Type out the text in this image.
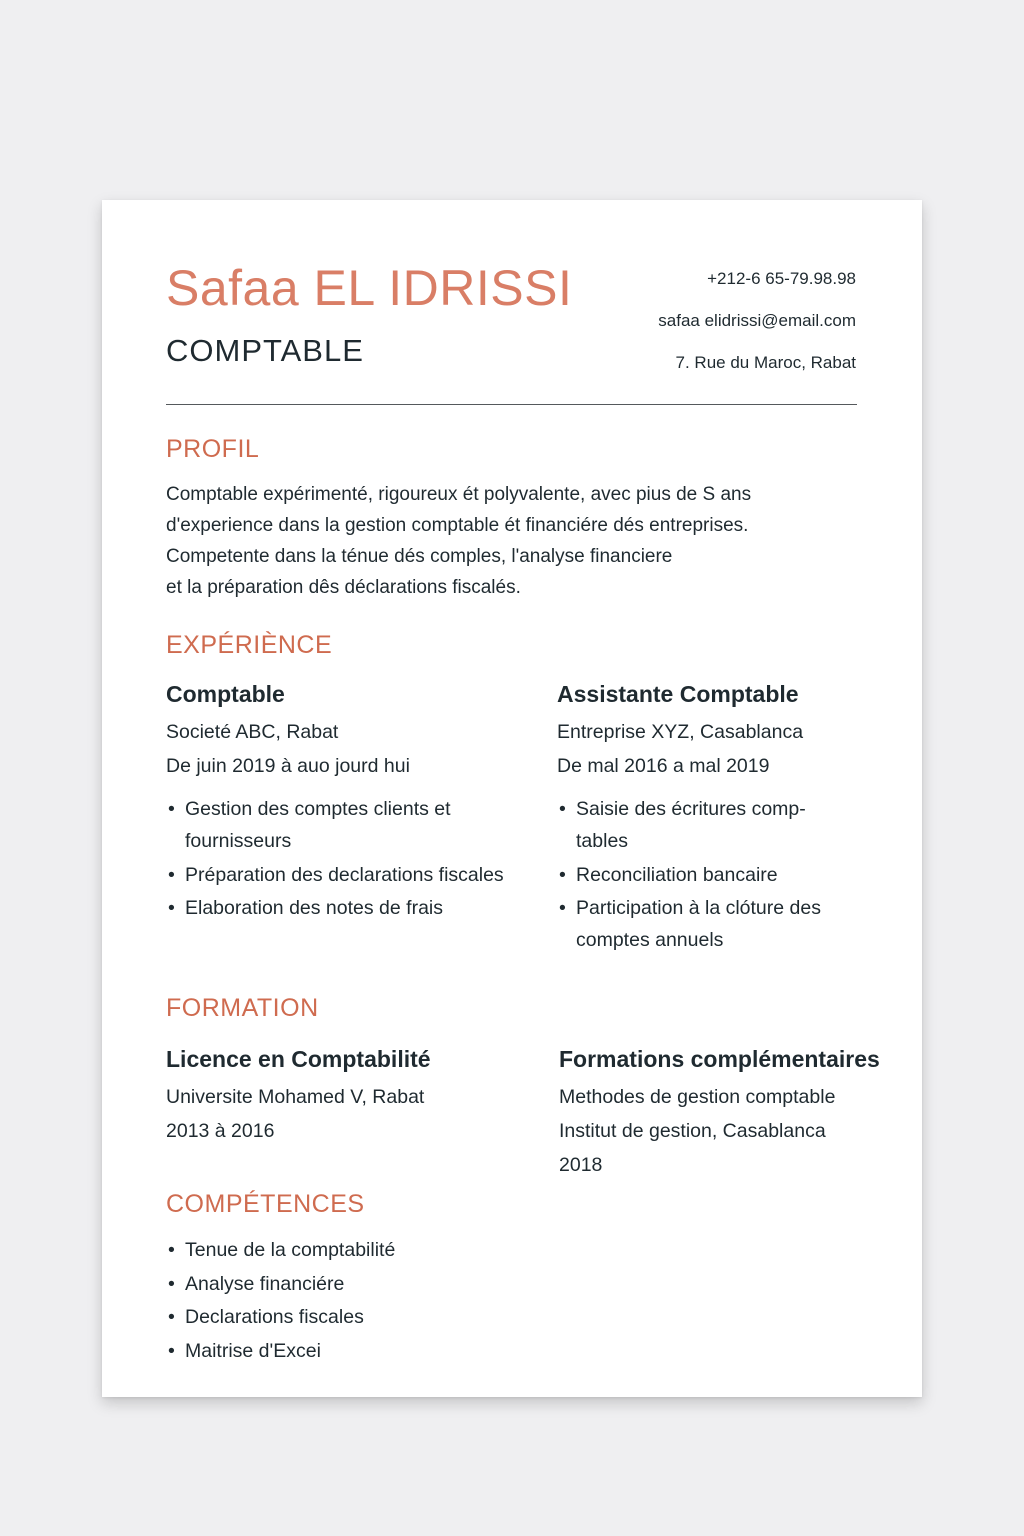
Safaa EL IDRISSI
COMPTABLE
+212-6 65-79.98.98
safaa elidrissi@email.com
7. Rue du Maroc, Rabat
PROFIL
Comptable expérimenté, rigoureux ét polyvalente, avec pius de S ans
d'experience dans la gestion comptable ét financiére dés entreprises.
Competente dans la ténue dés comples, l'analyse financiere
et la préparation dês déclarations fiscalés.
EXPÉRIÈNCE
Comptable
Societé ABC, Rabat
De juin 2019 à auo jourd hui
• Gestion des comptes clients et fournisseurs
• Préparation des declarations fiscales
• Elaboration des notes de frais
Assistante Comptable
Entreprise XYZ, Casablanca
De mal 2016 a mal 2019
• Saisie des écritures comp- tables
• Reconciliation bancaire
• Participation à la clóture des comptes annuels
FORMATION
Licence en Comptabilité
Universite Mohamed V, Rabat
2013 à 2016
Formations complémentaires
Methodes de gestion comptable
Institut de gestion, Casablanca
2018
COMPÉTENCES
• Tenue de la comptabilité
• Analyse financiére
• Declarations fiscales
• Maitrise d'Excei
